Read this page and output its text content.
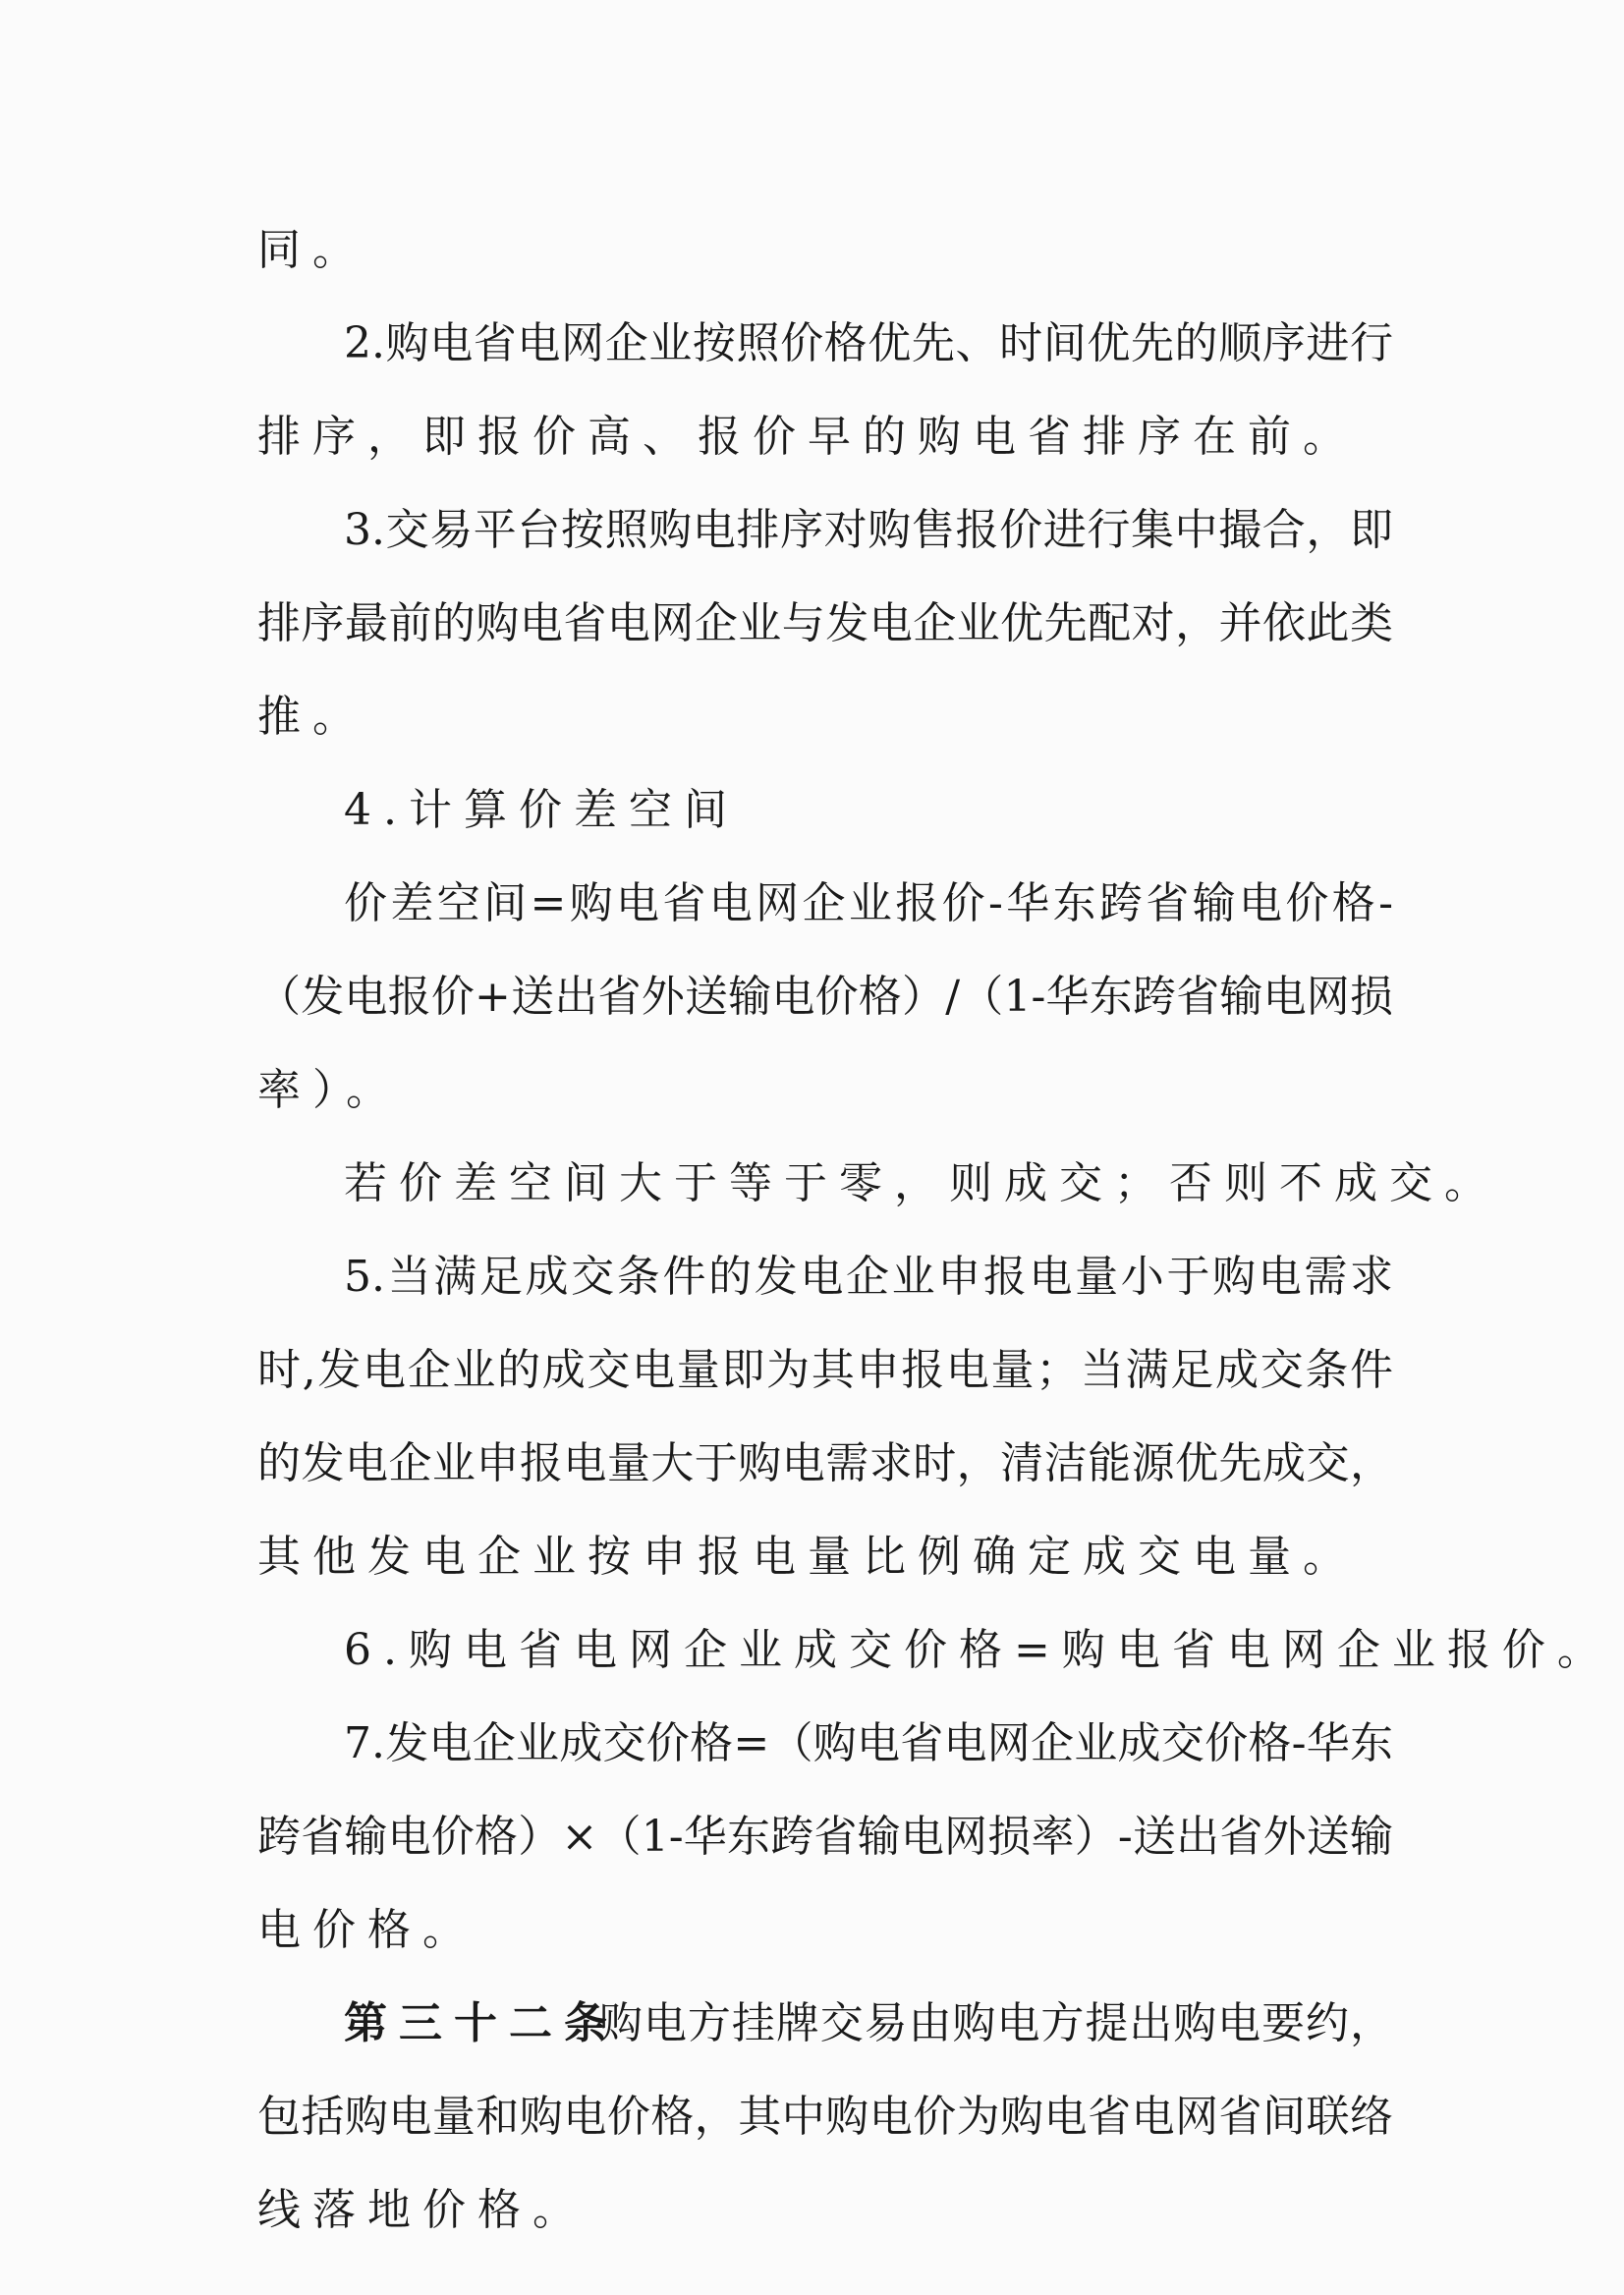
同。
2.购电省电网企业按照价格优先、时间优先的顺序进行
排序，即报价高、报价早的购电省排序在前。
3.交易平台按照购电排序对购售报价进行集中撮合，即
排序最前的购电省电网企业与发电企业优先配对，并依此类
推。
4.计算价差空间
价差空间=购电省电网企业报价-华东跨省输电价格-
（发电报价+送出省外送输电价格）/（1-华东跨省输电网损
率）。
若价差空间大于等于零，则成交；否则不成交。
5.当满足成交条件的发电企业申报电量小于购电需求
时,发电企业的成交电量即为其申报电量；当满足成交条件
的发电企业申报电量大于购电需求时，清洁能源优先成交，
其他发电企业按申报电量比例确定成交电量。
6.购电省电网企业成交价格=购电省电网企业报价。
7.发电企业成交价格=（购电省电网企业成交价格-华东
跨省输电价格）×（1-华东跨省输电网损率）-送出省外送输
电价格。
第三十二条
购电方挂牌交易由购电方提出购电要约，
包括购电量和购电价格，其中购电价为购电省电网省间联络
线落地价格。
